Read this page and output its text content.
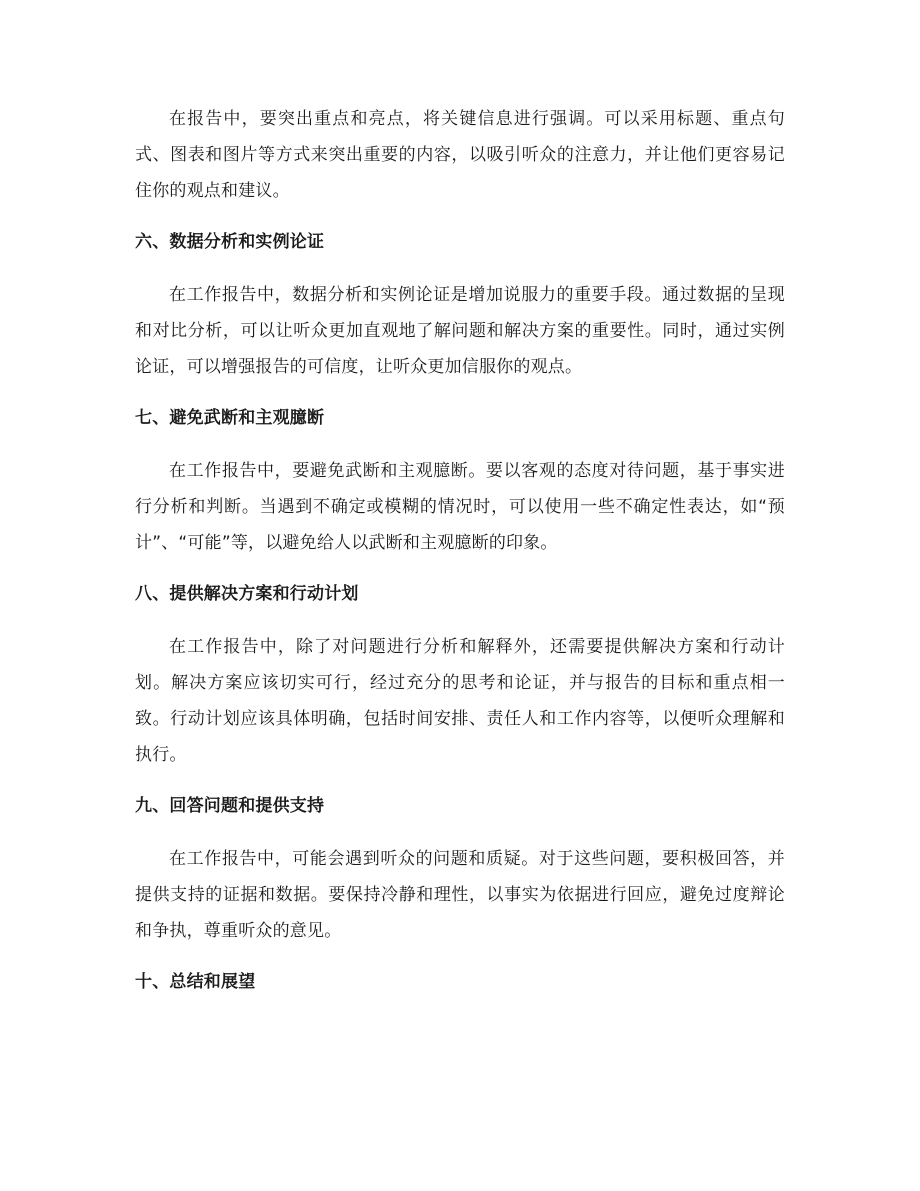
在报告中，要突出重点和亮点，将关键信息进行强调。可以采用标题、重点句式、图表和图片等方式来突出重要的内容，以吸引听众的注意力，并让他们更容易记住你的观点和建议。

六、数据分析和实例论证

在工作报告中，数据分析和实例论证是增加说服力的重要手段。通过数据的呈现和对比分析，可以让听众更加直观地了解问题和解决方案的重要性。同时，通过实例论证，可以增强报告的可信度，让听众更加信服你的观点。

七、避免武断和主观臆断

在工作报告中，要避免武断和主观臆断。要以客观的态度对待问题，基于事实进行分析和判断。当遇到不确定或模糊的情况时，可以使用一些不确定性表达，如“预计”、“可能”等，以避免给人以武断和主观臆断的印象。

八、提供解决方案和行动计划

在工作报告中，除了对问题进行分析和解释外，还需要提供解决方案和行动计划。解决方案应该切实可行，经过充分的思考和论证，并与报告的目标和重点相一致。行动计划应该具体明确，包括时间安排、责任人和工作内容等，以便听众理解和执行。

九、回答问题和提供支持

在工作报告中，可能会遇到听众的问题和质疑。对于这些问题，要积极回答，并提供支持的证据和数据。要保持冷静和理性，以事实为依据进行回应，避免过度辩论和争执，尊重听众的意见。

十、总结和展望
